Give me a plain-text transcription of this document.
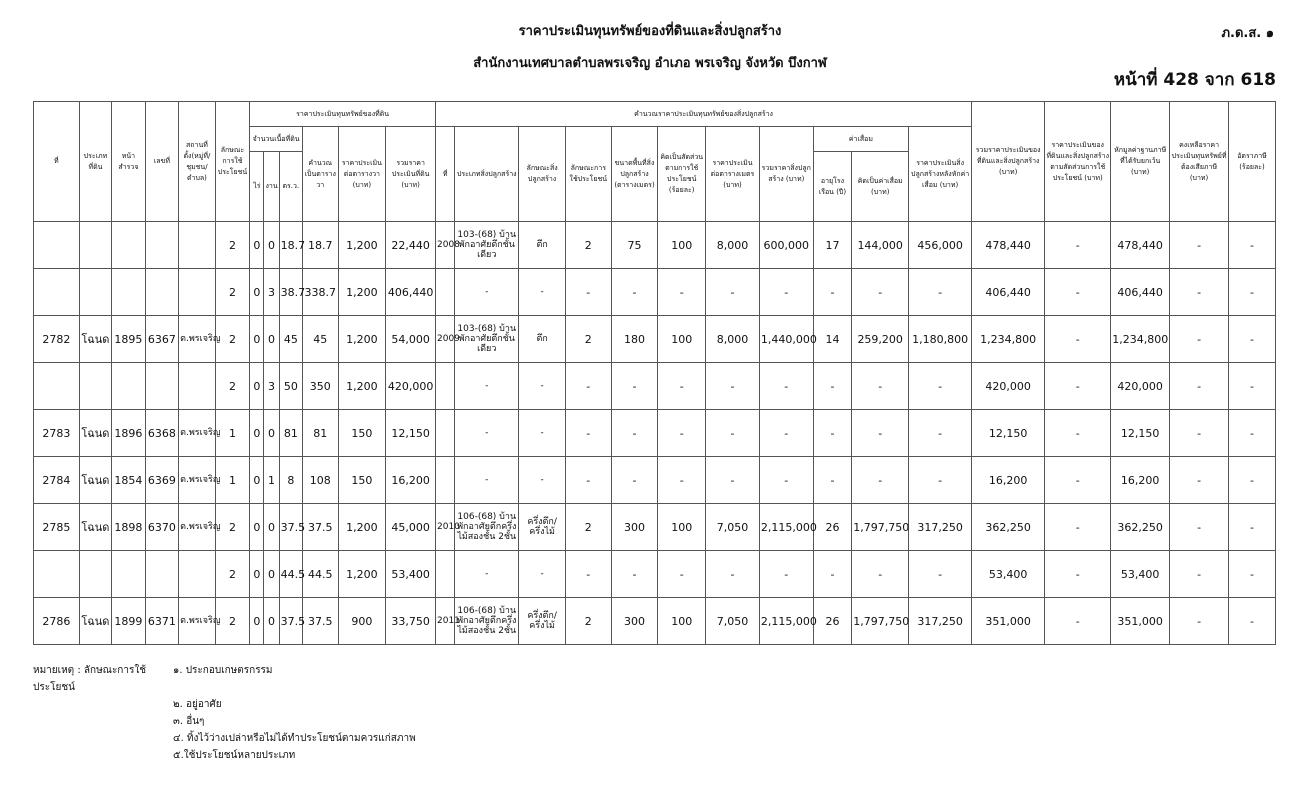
ราคาประเมินทุนทรัพย์ของที่ดินและสิ่งปลูกสร้าง
สำนักงานเทศบาลตำบลพรเจริญ อำเภอ พรเจริญ จังหวัด บึงกาฬ
ภ.ด.ส. ๑
หน้าที่ 428 จาก 618
ที่	ประเภทที่ดิน	หน้าสำรวจ	เลขที่	สถานที่ตั้ง(หมู่ที่/ชุมชน/ตำบล)	ลักษณะการใช้ประโยชน์	ราคาประเมินทุนทรัพย์ของที่ดิน						คำนวณราคาประเมินทุนทรัพย์ของสิ่งปลูกสร้าง											รวมราคาประเมินของที่ดินและสิ่งปลูกสร้าง (บาท)	ราคาประเมินของที่ดินและสิ่งปลูกสร้างตามสัดส่วนการใช้ประโยชน์ (บาท)	หักมูลค่าฐานภาษีที่ได้รับยกเว้น (บาท)	คงเหลือราคาประเมินทุนทรัพย์ที่ต้องเสียภาษี (บาท)	อัตราภาษี (ร้อยละ)
						จำนวนเนื้อที่ดิน			คำนวณเป็นตารางวา	ราคาประเมินต่อตารางวา (บาท)	รวมราคาประเมินที่ดิน (บาท)	ที่	ประเภทสิ่งปลูกสร้าง	ลักษณะสิ่งปลูกสร้าง	ลักษณะการใช้ประโยชน์	ขนาดพื้นที่สิ่งปลูกสร้าง (ตารางเมตร)	คิดเป็นสัดส่วนตามการใช้ประโยชน์ (ร้อยละ)	ราคาประเมินต่อตารางเมตร (บาท)	รวมราคาสิ่งปลูกสร้าง (บาท)	ค่าเสื่อม		ราคาประเมินสิ่งปลูกสร้างหลังหักค่าเสื่อม (บาท)					
						ไร่	งาน	ตร.ว.												อายุโรงเรือน (ปี)	คิดเป็นค่าเสื่อม (บาท)						
					2	0	0	18.7	18.7	1,200	22,440	2008	103-(68) บ้านพักอาศัยตึกชั้นเดียว	ตึก	2	75	100	8,000	600,000	17	144,000	456,000	478,440	-	478,440	-	-
					2	0	3	38.7	338.7	1,200	406,440		-	-	-	-	-	-	-	-	-	-	406,440	-	406,440	-	-
2782	โฉนด	1895	6367	ต.พรเจริญ	2	0	0	45	45	1,200	54,000	2009	103-(68) บ้านพักอาศัยตึกชั้นเดียว	ตึก	2	180	100	8,000	1,440,000	14	259,200	1,180,800	1,234,800	-	1,234,800	-	-
					2	0	3	50	350	1,200	420,000		-	-	-	-	-	-	-	-	-	-	420,000	-	420,000	-	-
2783	โฉนด	1896	6368	ต.พรเจริญ	1	0	0	81	81	150	12,150		-	-	-	-	-	-	-	-	-	-	12,150	-	12,150	-	-
2784	โฉนด	1854	6369	ต.พรเจริญ	1	0	1	8	108	150	16,200		-	-	-	-	-	-	-	-	-	-	16,200	-	16,200	-	-
2785	โฉนด	1898	6370	ต.พรเจริญ	2	0	0	37.5	37.5	1,200	45,000	2010	106-(68) บ้านพักอาศัยตึกครึ่งไม้สองชั้น 2ชั้น	ครึ่งตึก/ครึ่งไม้	2	300	100	7,050	2,115,000	26	1,797,750	317,250	362,250	-	362,250	-	-
					2	0	0	44.5	44.5	1,200	53,400		-	-	-	-	-	-	-	-	-	-	53,400	-	53,400	-	-
2786	โฉนด	1899	6371	ต.พรเจริญ	2	0	0	37.5	37.5	900	33,750	2011	106-(68) บ้านพักอาศัยตึกครึ่งไม้สองชั้น 2ชั้น	ครึ่งตึก/ครึ่งไม้	2	300	100	7,050	2,115,000	26	1,797,750	317,250	351,000	-	351,000	-	-
หมายเหตุ : ลักษณะการใช้ประโยชน์
๑. ประกอบเกษตรกรรม
๒. อยู่อาศัย
๓. อื่นๆ
๔. ทิ้งไว้ว่างเปล่าหรือไม่ได้ทำประโยชน์ตามควรแก่สภาพ
๕.ใช้ประโยชน์หลายประเภท
